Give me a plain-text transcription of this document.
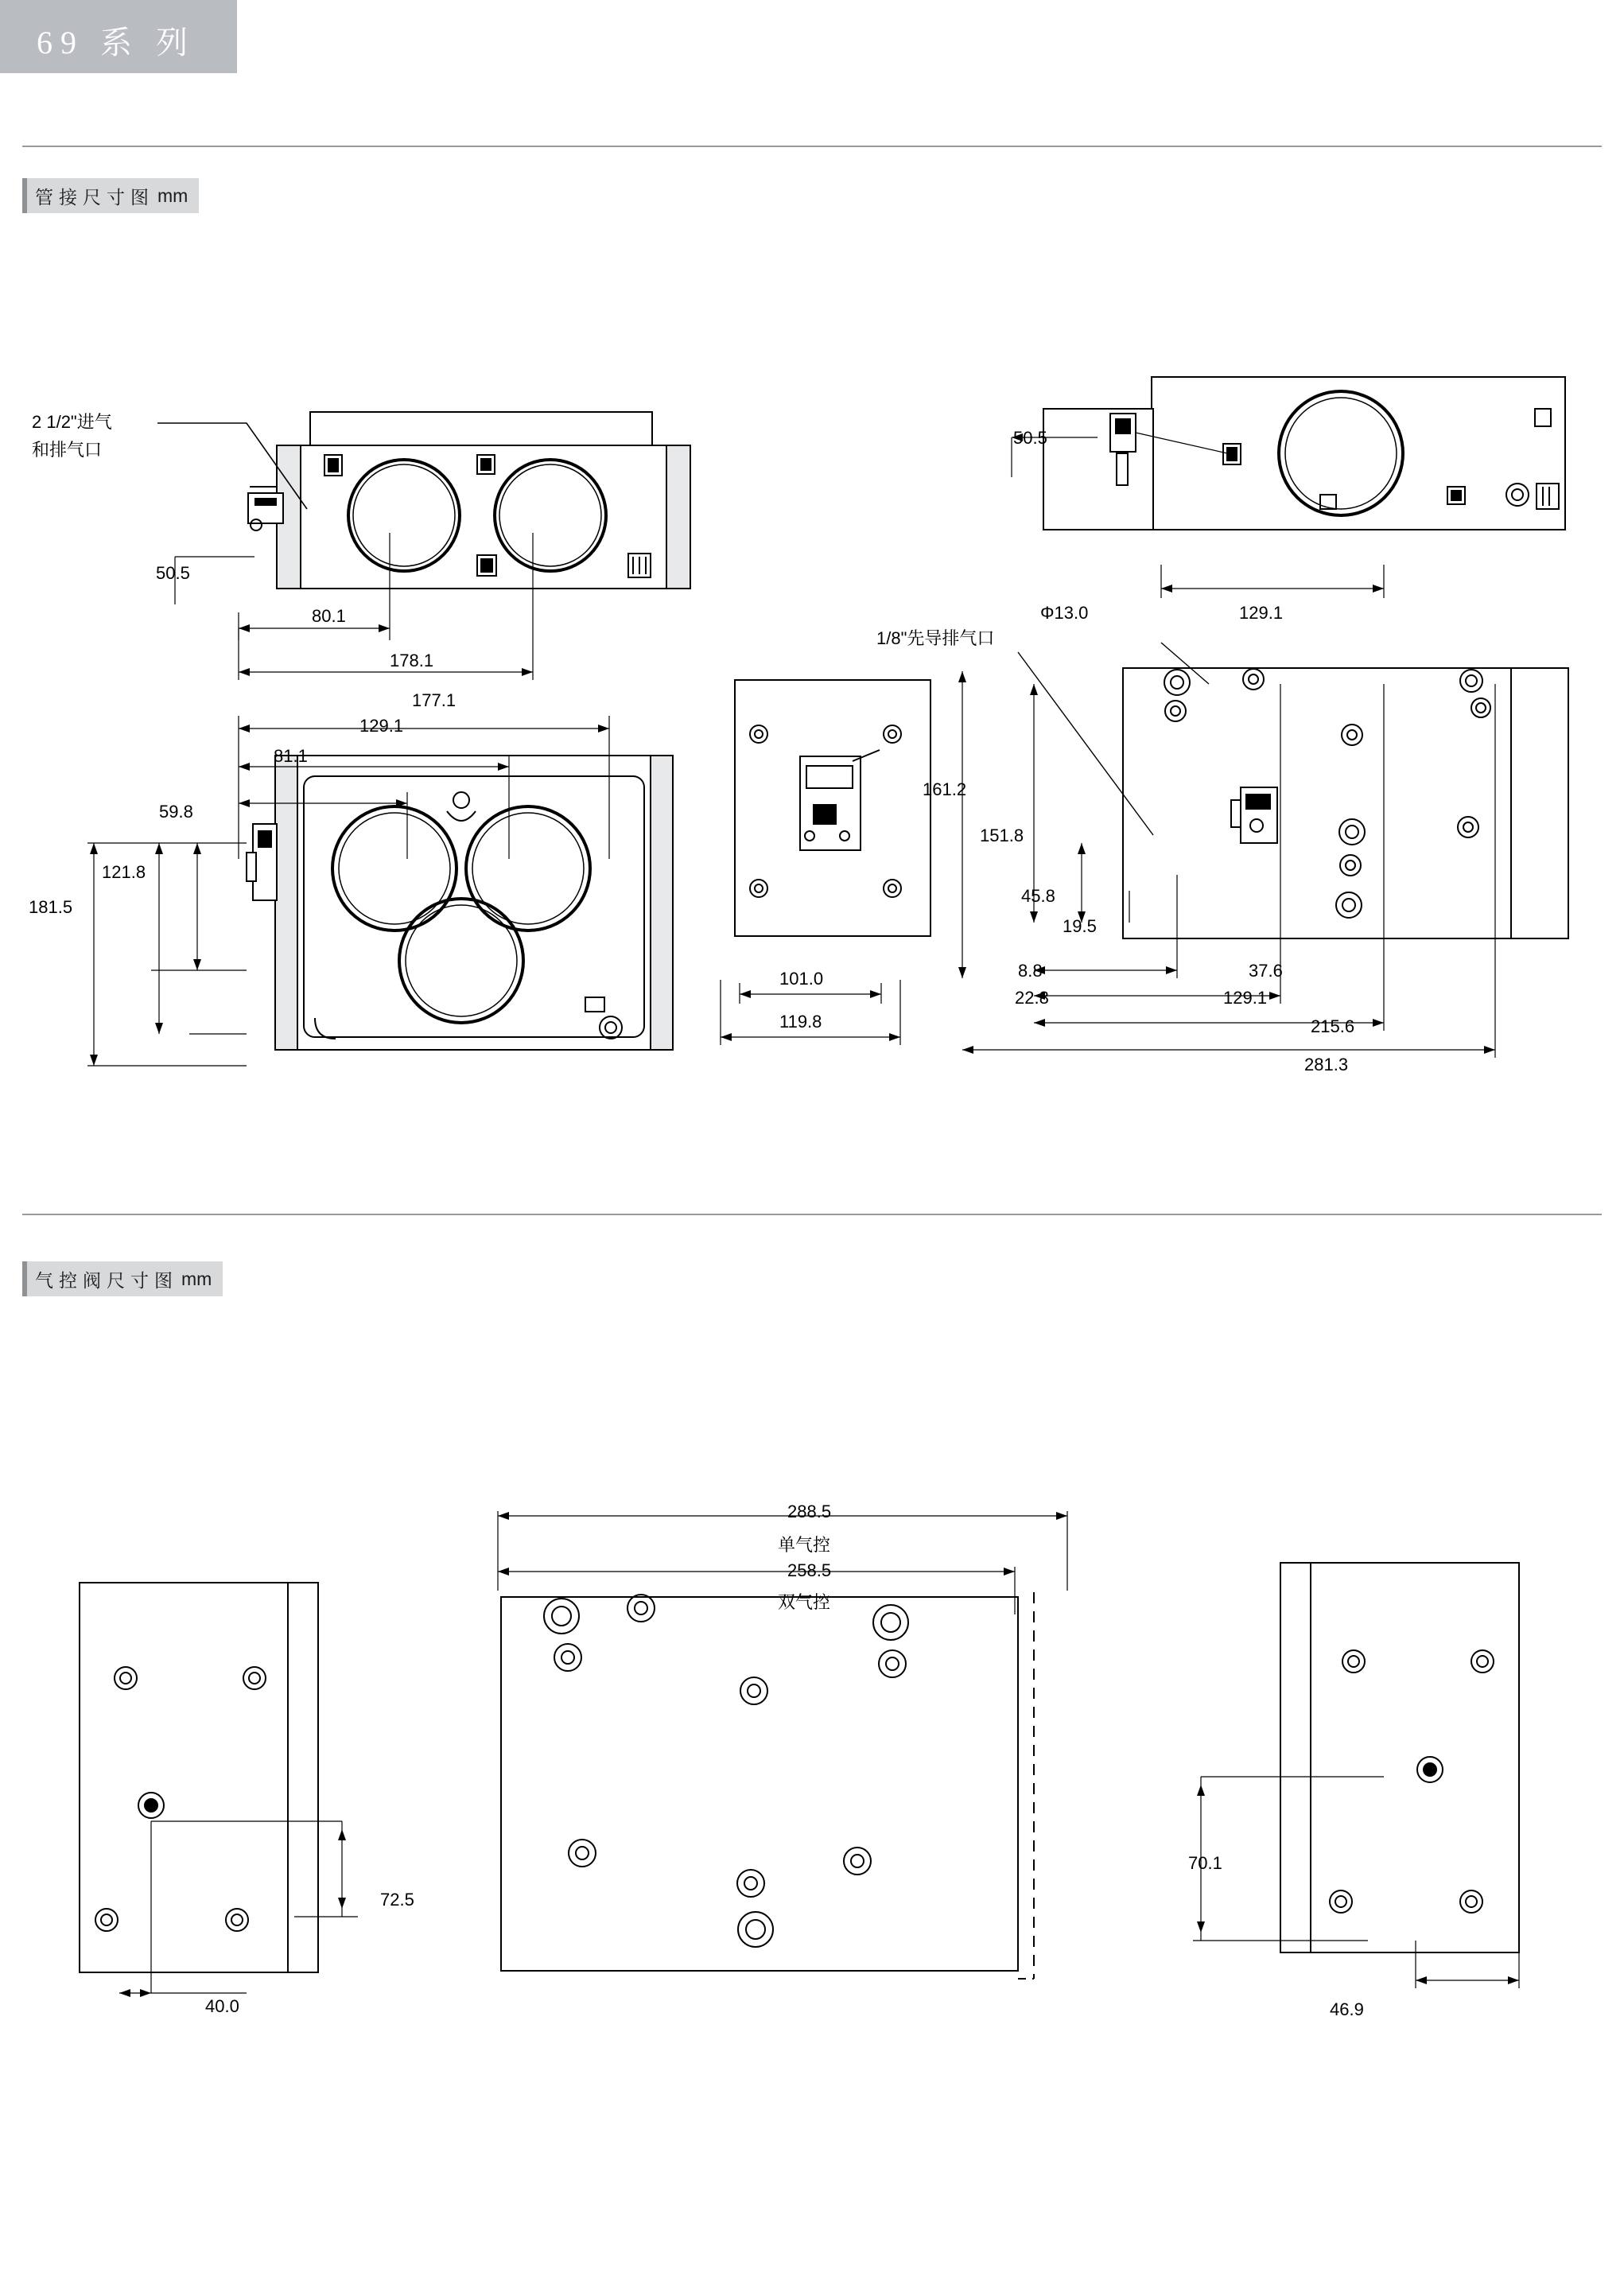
69 系 列
管接尺寸图 mm
2 1/2"进气
和排气口
50.5
80.1
178.1
177.1
129.1
81.1
59.8
121.8
181.5
101.0
119.8
50.5
129.1
1/8"先导排气口
Φ13.0
161.2
151.8
45.8
19.5
8.8
22.8
37.6
129.1
215.6
281.3
气控阀尺寸图 mm
72.5
40.0
288.5
单气控
258.5
双气控
70.1
46.9
